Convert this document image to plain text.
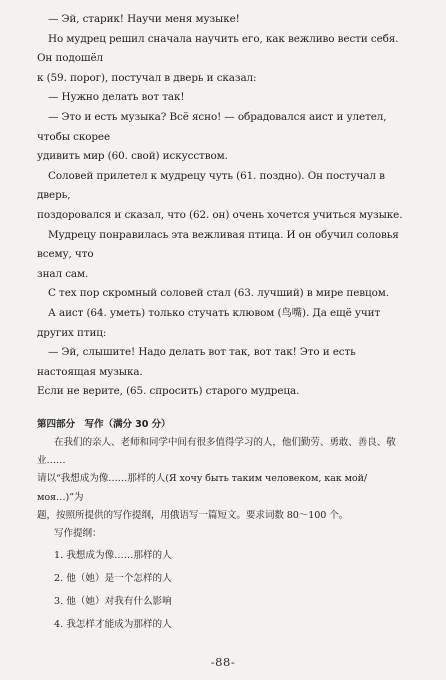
— Эй, старик! Научи меня музыке!

Но мудрец решил сначала научить его, как вежливо вести себя. Он подошёл

к (59. порог), постучал в дверь и сказал:

— Нужно делать вот так!

— Это и есть музыка? Всё ясно! — обрадовался аист и улетел, чтобы скорее

удивить мир (60. свой) искусством.

Соловей прилетел к мудрецу чуть (61. поздно). Он постучал в дверь,

поздоровался и сказал, что (62. он) очень хочется учиться музыке.

Мудрецу понравилась эта вежливая птица. И он обучил соловья всему, что

знал сам.

С тех пор скромный соловей стал (63. лучший) в мире певцом.

А аист (64. уметь) только стучать клювом (鸟嘴). Да ещё учит других птиц:

— Эй, слышите! Надо делать вот так, вот так! Это и есть настоящая музыка.

Если не верите, (65. спросить) старого мудреца.

第四部分　写作（满分 30 分）

在我们的亲人、老师和同学中间有很多值得学习的人，他们勤劳、勇敢、善良、敬业……

请以“我想成为像……那样的人(Я хочу быть таким человеком, как мой/моя…)”为

题，按照所提供的写作提纲，用俄语写一篇短文。要求词数 80～100 个。

写作提纲：

1. 我想成为像……那样的人
2. 他（她）是一个怎样的人
3. 他（她）对我有什么影响
4. 我怎样才能成为那样的人
-88-
